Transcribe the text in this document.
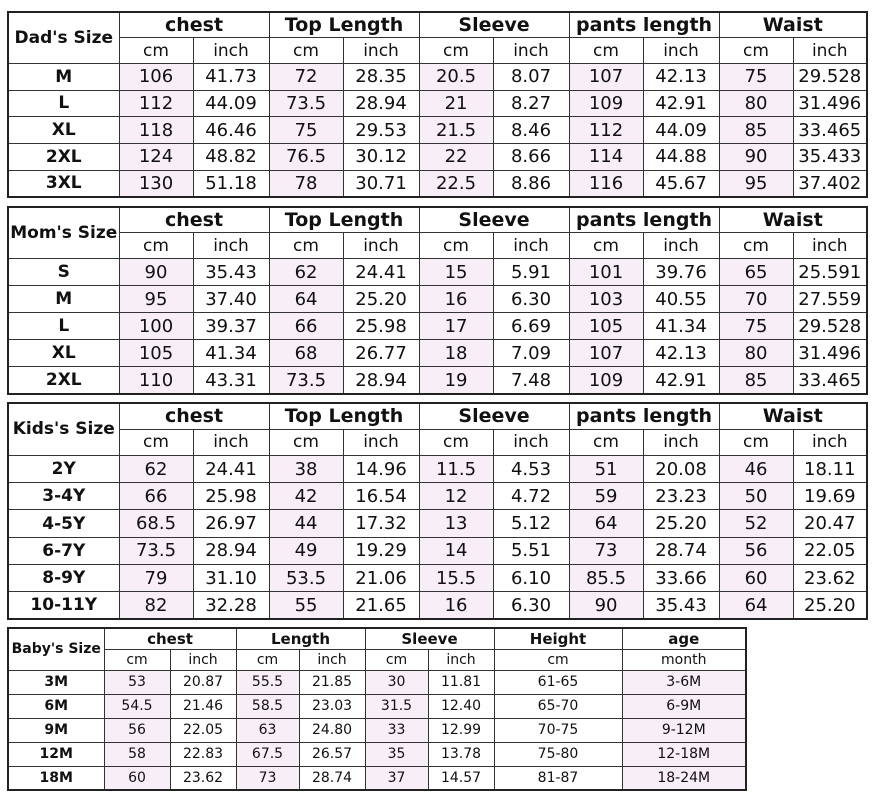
Dad's Size	chest		Top Length		Sleeve		pants length		Waist	
	cm	inch	cm	inch	cm	inch	cm	inch	cm	inch
M	106	41.73	72	28.35	20.5	8.07	107	42.13	75	29.528
L	112	44.09	73.5	28.94	21	8.27	109	42.91	80	31.496
XL	118	46.46	75	29.53	21.5	8.46	112	44.09	85	33.465
2XL	124	48.82	76.5	30.12	22	8.66	114	44.88	90	35.433
3XL	130	51.18	78	30.71	22.5	8.86	116	45.67	95	37.402
Mom's Size	chest		Top Length		Sleeve		pants length		Waist	
	cm	inch	cm	inch	cm	inch	cm	inch	cm	inch
S	90	35.43	62	24.41	15	5.91	101	39.76	65	25.591
M	95	37.40	64	25.20	16	6.30	103	40.55	70	27.559
L	100	39.37	66	25.98	17	6.69	105	41.34	75	29.528
XL	105	41.34	68	26.77	18	7.09	107	42.13	80	31.496
2XL	110	43.31	73.5	28.94	19	7.48	109	42.91	85	33.465
Kids's Size	chest		Top Length		Sleeve		pants length		Waist	
	cm	inch	cm	inch	cm	inch	cm	inch	cm	inch
2Y	62	24.41	38	14.96	11.5	4.53	51	20.08	46	18.11
3-4Y	66	25.98	42	16.54	12	4.72	59	23.23	50	19.69
4-5Y	68.5	26.97	44	17.32	13	5.12	64	25.20	52	20.47
6-7Y	73.5	28.94	49	19.29	14	5.51	73	28.74	56	22.05
8-9Y	79	31.10	53.5	21.06	15.5	6.10	85.5	33.66	60	23.62
10-11Y	82	32.28	55	21.65	16	6.30	90	35.43	64	25.20
Baby's Size	chest		Length		Sleeve		Height	age
	cm	inch	cm	inch	cm	inch	cm	month
3M	53	20.87	55.5	21.85	30	11.81	61-65	3-6M
6M	54.5	21.46	58.5	23.03	31.5	12.40	65-70	6-9M
9M	56	22.05	63	24.80	33	12.99	70-75	9-12M
12M	58	22.83	67.5	26.57	35	13.78	75-80	12-18M
18M	60	23.62	73	28.74	37	14.57	81-87	18-24M
